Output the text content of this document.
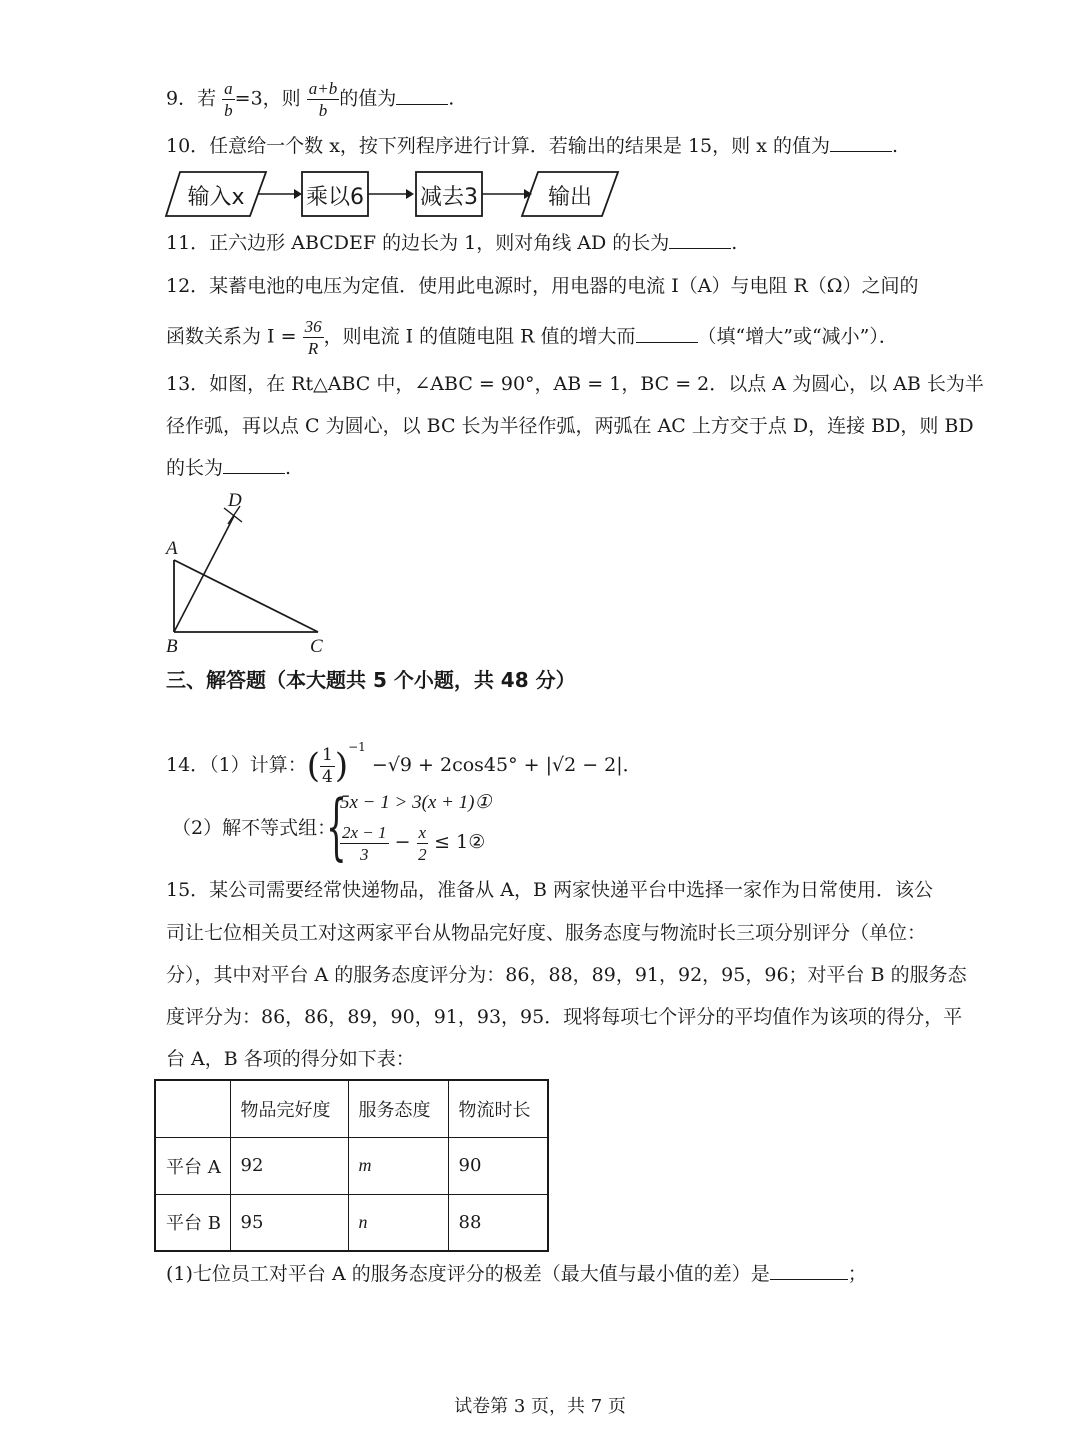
9．若 $\frac{a}{b} =3$，则 $\frac{a+b}{b}$ 的值为	.
10．任意给一个数 x，按下列程序进行计算．若输出的结果是 15，则 x 的值为	.
输入x	乘以6	减去3	输出
11．正六边形 ABCDEF 的边长为 1，则对角线 AD 的长为	.
12．某蓄电池的电压为定值．使用此电源时，用电器的电流 I（A）与电阻 R（Ω）之间的
函数关系为 $I = \frac{36}{R}$ ，则电流 I 的值随电阻 R 值的增大而	（填“增大”或“减小”）．
13．如图，在 Rt△ABC 中，∠ABC = 90°，AB = 1，BC = 2．以点 A 为圆心，以 AB 长为半
径作弧，再以点 C 为圆心，以 BC 长为半径作弧，两弧在 AC 上方交于点 D，连接 BD，则 BD
的长为	.
D
A
B	C
三、解答题（本大题共 5 个小题，共 48 分）
14．（1）计算：( $\frac{1}{4} )^{-1} -√9 + 2\cos 45^\circ + |√2 - 2|$．
（2）解不等式组：
{
5x − 1 > 3(x + 1)①
$\frac{2x - 1}{3} - \frac{x}{2}$ ≤ 1②
15．某公司需要经常快递物品，准备从 A，B 两家快递平台中选择一家作为日常使用．该公
司让七位相关员工对这两家平台从物品完好度、服务态度与物流时长三项分别评分（单位：
分），其中对平台 A 的服务态度评分为：86，88，89，91，92，95，96；对平台 B 的服务态
度评分为：86，86，89，90，91，93，95．现将每项七个评分的平均值作为该项的得分，平
台 A，B 各项的得分如下表：
	物品完好度	服务态度	物流时长
平台 A	92	m	90
平台 B	95	n	88
(1)七位员工对平台 A 的服务态度评分的极差（最大值与最小值的差）是	；
试卷第 3 页，共 7 页
